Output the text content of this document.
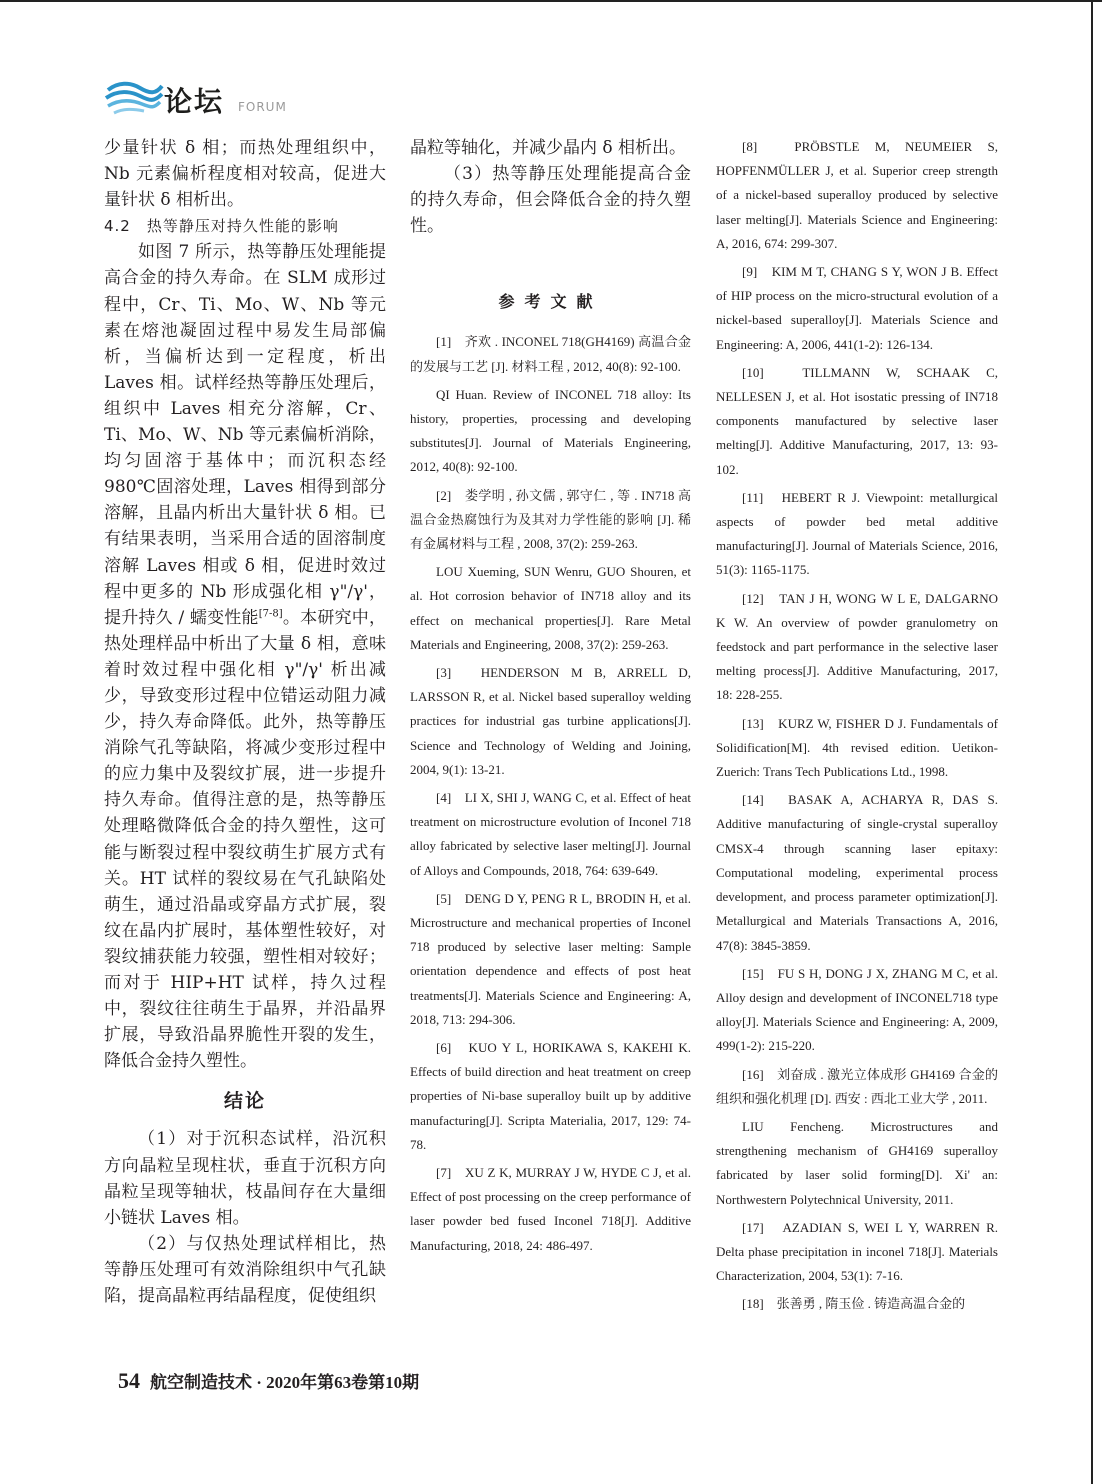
论坛 FORUM

少量针状 δ 相；而热处理组织中，Nb 元素偏析程度相对较高，促进大量针状 δ 相析出。

4.2　热等静压对持久性能的影响

如图 7 所示，热等静压处理能提高合金的持久寿命。在 SLM 成形过程中，Cr、Ti、Mo、W、Nb 等元素在熔池凝固过程中易发生局部偏析，当偏析达到一定程度，析出 Laves 相。试样经热等静压处理后，组织中 Laves 相充分溶解，Cr、Ti、Mo、W、Nb 等元素偏析消除，均匀固溶于基体中；而沉积态经 980℃固溶处理，Laves 相得到部分溶解，且晶内析出大量针状 δ 相。已有结果表明，当采用合适的固溶制度溶解 Laves 相或 δ 相，促进时效过程中更多的 Nb 形成强化相 γ"/γ'，提升持久 / 蠕变性能[7-8]。本研究中，热处理样品中析出了大量 δ 相，意味着时效过程中强化相 γ"/γ' 析出减少，导致变形过程中位错运动阻力减少，持久寿命降低。此外，热等静压消除气孔等缺陷，将减少变形过程中的应力集中及裂纹扩展，进一步提升持久寿命。值得注意的是，热等静压处理略微降低合金的持久塑性，这可能与断裂过程中裂纹萌生扩展方式有关。HT 试样的裂纹易在气孔缺陷处萌生，通过沿晶或穿晶方式扩展，裂纹在晶内扩展时，基体塑性较好，对裂纹捕获能力较强，塑性相对较好；而对于 HIP+HT 试样，持久过程中，裂纹往往萌生于晶界，并沿晶界扩展，导致沿晶界脆性开裂的发生，降低合金持久塑性。

结论

（1）对于沉积态试样，沿沉积方向晶粒呈现柱状，垂直于沉积方向晶粒呈现等轴状，枝晶间存在大量细小链状 Laves 相。

（2）与仅热处理试样相比，热等静压处理可有效消除组织中气孔缺陷，提高晶粒再结晶程度，促使组织

晶粒等轴化，并减少晶内 δ 相析出。

（3）热等静压处理能提高合金的持久寿命，但会降低合金的持久塑性。

参考文献

[1]　齐欢 . INCONEL 718(GH4169) 高温合金的发展与工艺 [J]. 材料工程 , 2012, 40(8): 92-100.

QI Huan. Review of INCONEL 718 alloy: Its history, properties, processing and developing substitutes[J]. Journal of Materials Engineering, 2012, 40(8): 92-100.

[2]　娄学明 , 孙文儒 , 郭守仁 , 等 . IN718 高温合金热腐蚀行为及其对力学性能的影响 [J]. 稀有金属材料与工程 , 2008, 37(2): 259-263.

LOU Xueming, SUN Wenru, GUO Shouren, et al. Hot corrosion behavior of IN718 alloy and its effect on mechanical properties[J]. Rare Metal Materials and Engineering, 2008, 37(2): 259-263.

[3]　HENDERSON M B, ARRELL D, LARSSON R, et al. Nickel based superalloy welding practices for industrial gas turbine applications[J]. Science and Technology of Welding and Joining, 2004, 9(1): 13-21.

[4]　LI X, SHI J, WANG C, et al. Effect of heat treatment on microstructure evolution of Inconel 718 alloy fabricated by selective laser melting[J]. Journal of Alloys and Compounds, 2018, 764: 639-649.

[5]　DENG D Y, PENG R L, BRODIN H, et al. Microstructure and mechanical properties of Inconel 718 produced by selective laser melting: Sample orientation dependence and effects of post heat treatments[J]. Materials Science and Engineering: A, 2018, 713: 294-306.

[6]　KUO Y L, HORIKAWA S, KAKEHI K. Effects of build direction and heat treatment on creep properties of Ni-base superalloy built up by additive manufacturing[J]. Scripta Materialia, 2017, 129: 74-78.

[7]　XU Z K, MURRAY J W, HYDE C J, et al. Effect of post processing on the creep performance of laser powder bed fused Inconel 718[J]. Additive Manufacturing, 2018, 24: 486-497.

[8]　PRÖBSTLE M, NEUMEIER S, HOPFENMÜLLER J, et al. Superior creep strength of a nickel-based superalloy produced by selective laser melting[J]. Materials Science and Engineering: A, 2016, 674: 299-307.

[9]　KIM M T, CHANG S Y, WON J B. Effect of HIP process on the micro-structural evolution of a nickel-based superalloy[J]. Materials Science and Engineering: A, 2006, 441(1-2): 126-134.

[10]　TILLMANN W, SCHAAK C, NELLESEN J, et al. Hot isostatic pressing of IN718 components manufactured by selective laser melting[J]. Additive Manufacturing, 2017, 13: 93-102.

[11]　HEBERT R J. Viewpoint: metallurgical aspects of powder bed metal additive manufacturing[J]. Journal of Materials Science, 2016, 51(3): 1165-1175.

[12]　TAN J H, WONG W L E, DALGARNO K W. An overview of powder granulometry on feedstock and part performance in the selective laser melting process[J]. Additive Manufacturing, 2017, 18: 228-255.

[13]　KURZ W, FISHER D J. Fundamentals of Solidification[M]. 4th revised edition. Uetikon-Zuerich: Trans Tech Publications Ltd., 1998.

[14]　BASAK A, ACHARYA R, DAS S. Additive manufacturing of single-crystal superalloy CMSX-4 through scanning laser epitaxy: Computational modeling, experimental process development, and process parameter optimization[J]. Metallurgical and Materials Transactions A, 2016, 47(8): 3845-3859.

[15]　FU S H, DONG J X, ZHANG M C, et al. Alloy design and development of INCONEL718 type alloy[J]. Materials Science and Engineering: A, 2009, 499(1-2): 215-220.

[16]　刘奋成 . 激光立体成形 GH4169 合金的组织和强化机理 [D]. 西安 : 西北工业大学 , 2011.

LIU Fencheng. Microstructures and strengthening mechanism of GH4169 superalloy fabricated by laser solid forming[D]. Xi' an: Northwestern Polytechnical University, 2011.

[17]　AZADIAN S, WEI L Y, WARREN R. Delta phase precipitation in inconel 718[J]. Materials Characterization, 2004, 53(1): 7-16.

[18]　张善勇 , 隋玉俭 . 铸造高温合金的

54 航空制造技术 · 2020年第63卷第10期
